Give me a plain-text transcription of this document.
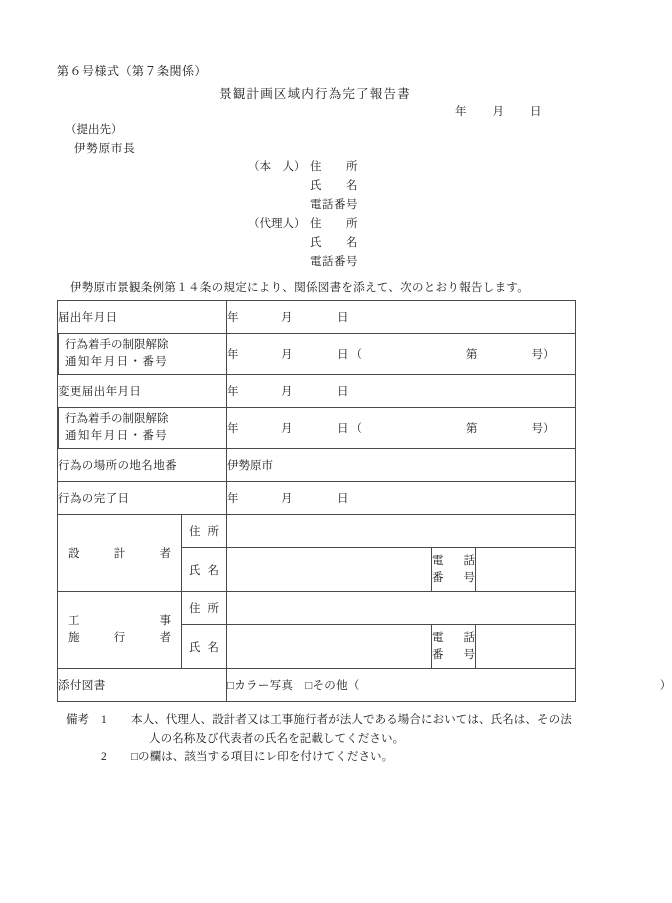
第６号様式（第７条関係）
景観計画区域内行為完了報告書
年 月 日
（提出先）
伊勢原市長
（本　人） 住　　所
氏　　名
電話番号
（代理人） 住　　所
氏　　名
電話番号
伊勢原市景観条例第１４条の規定により、関係図書を添えて、次のとおり報告します。
届出年月日		年 月 日		

行為着手の制限解除
通知年月日・番号		年 月 日 （ 第 号）		
変更届出年月日		年 月 日		

行為着手の制限解除
通知年月日・番号		年 月 日 （ 第 号）		
行為の場所の地名地番		伊勢原市		
行為の完了日		年 月 日		

設計者	住所			

	氏名		電話
番号	

工事
施行者	住所			

	氏名		電話
番号	

添付図書		□カラー写真 □その他（ ）		
備考	1	本人、代理人、設計者又は工事施行者が法人である場合においては、氏名は、その法
人の名称及び代表者の氏名を記載してください。
2	□の欄は、該当する項目にレ印を付けてください。
